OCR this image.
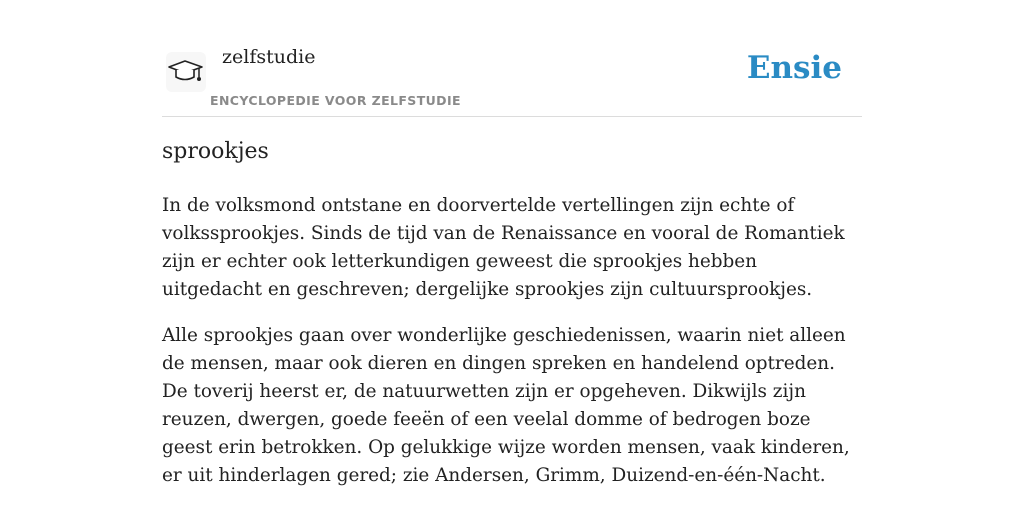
zelfstudie
ENCYCLOPEDIE VOOR ZELFSTUDIE
Ensie
sprookjes

In de volksmond ontstane en doorvertelde vertellingen zijn echte of volkssprookjes. Sinds de tijd van de Renaissance en vooral de Romantiek zijn er echter ook letterkundigen geweest die sprookjes hebben uitgedacht en geschreven; dergelijke sprookjes zijn cultuursprookjes.

Alle sprookjes gaan over wonderlijke geschiedenissen, waarin niet alleen de mensen, maar ook dieren en dingen spreken en handelend optreden. De toverij heerst er, de natuurwetten zijn er opgeheven. Dikwijls zijn reuzen, dwergen, goede feeën of een veelal domme of bedrogen boze geest erin betrokken. Op gelukkige wijze worden mensen, vaak kinderen, er uit hinderlagen gered; zie Andersen, Grimm, Duizend-en-één-Nacht.
